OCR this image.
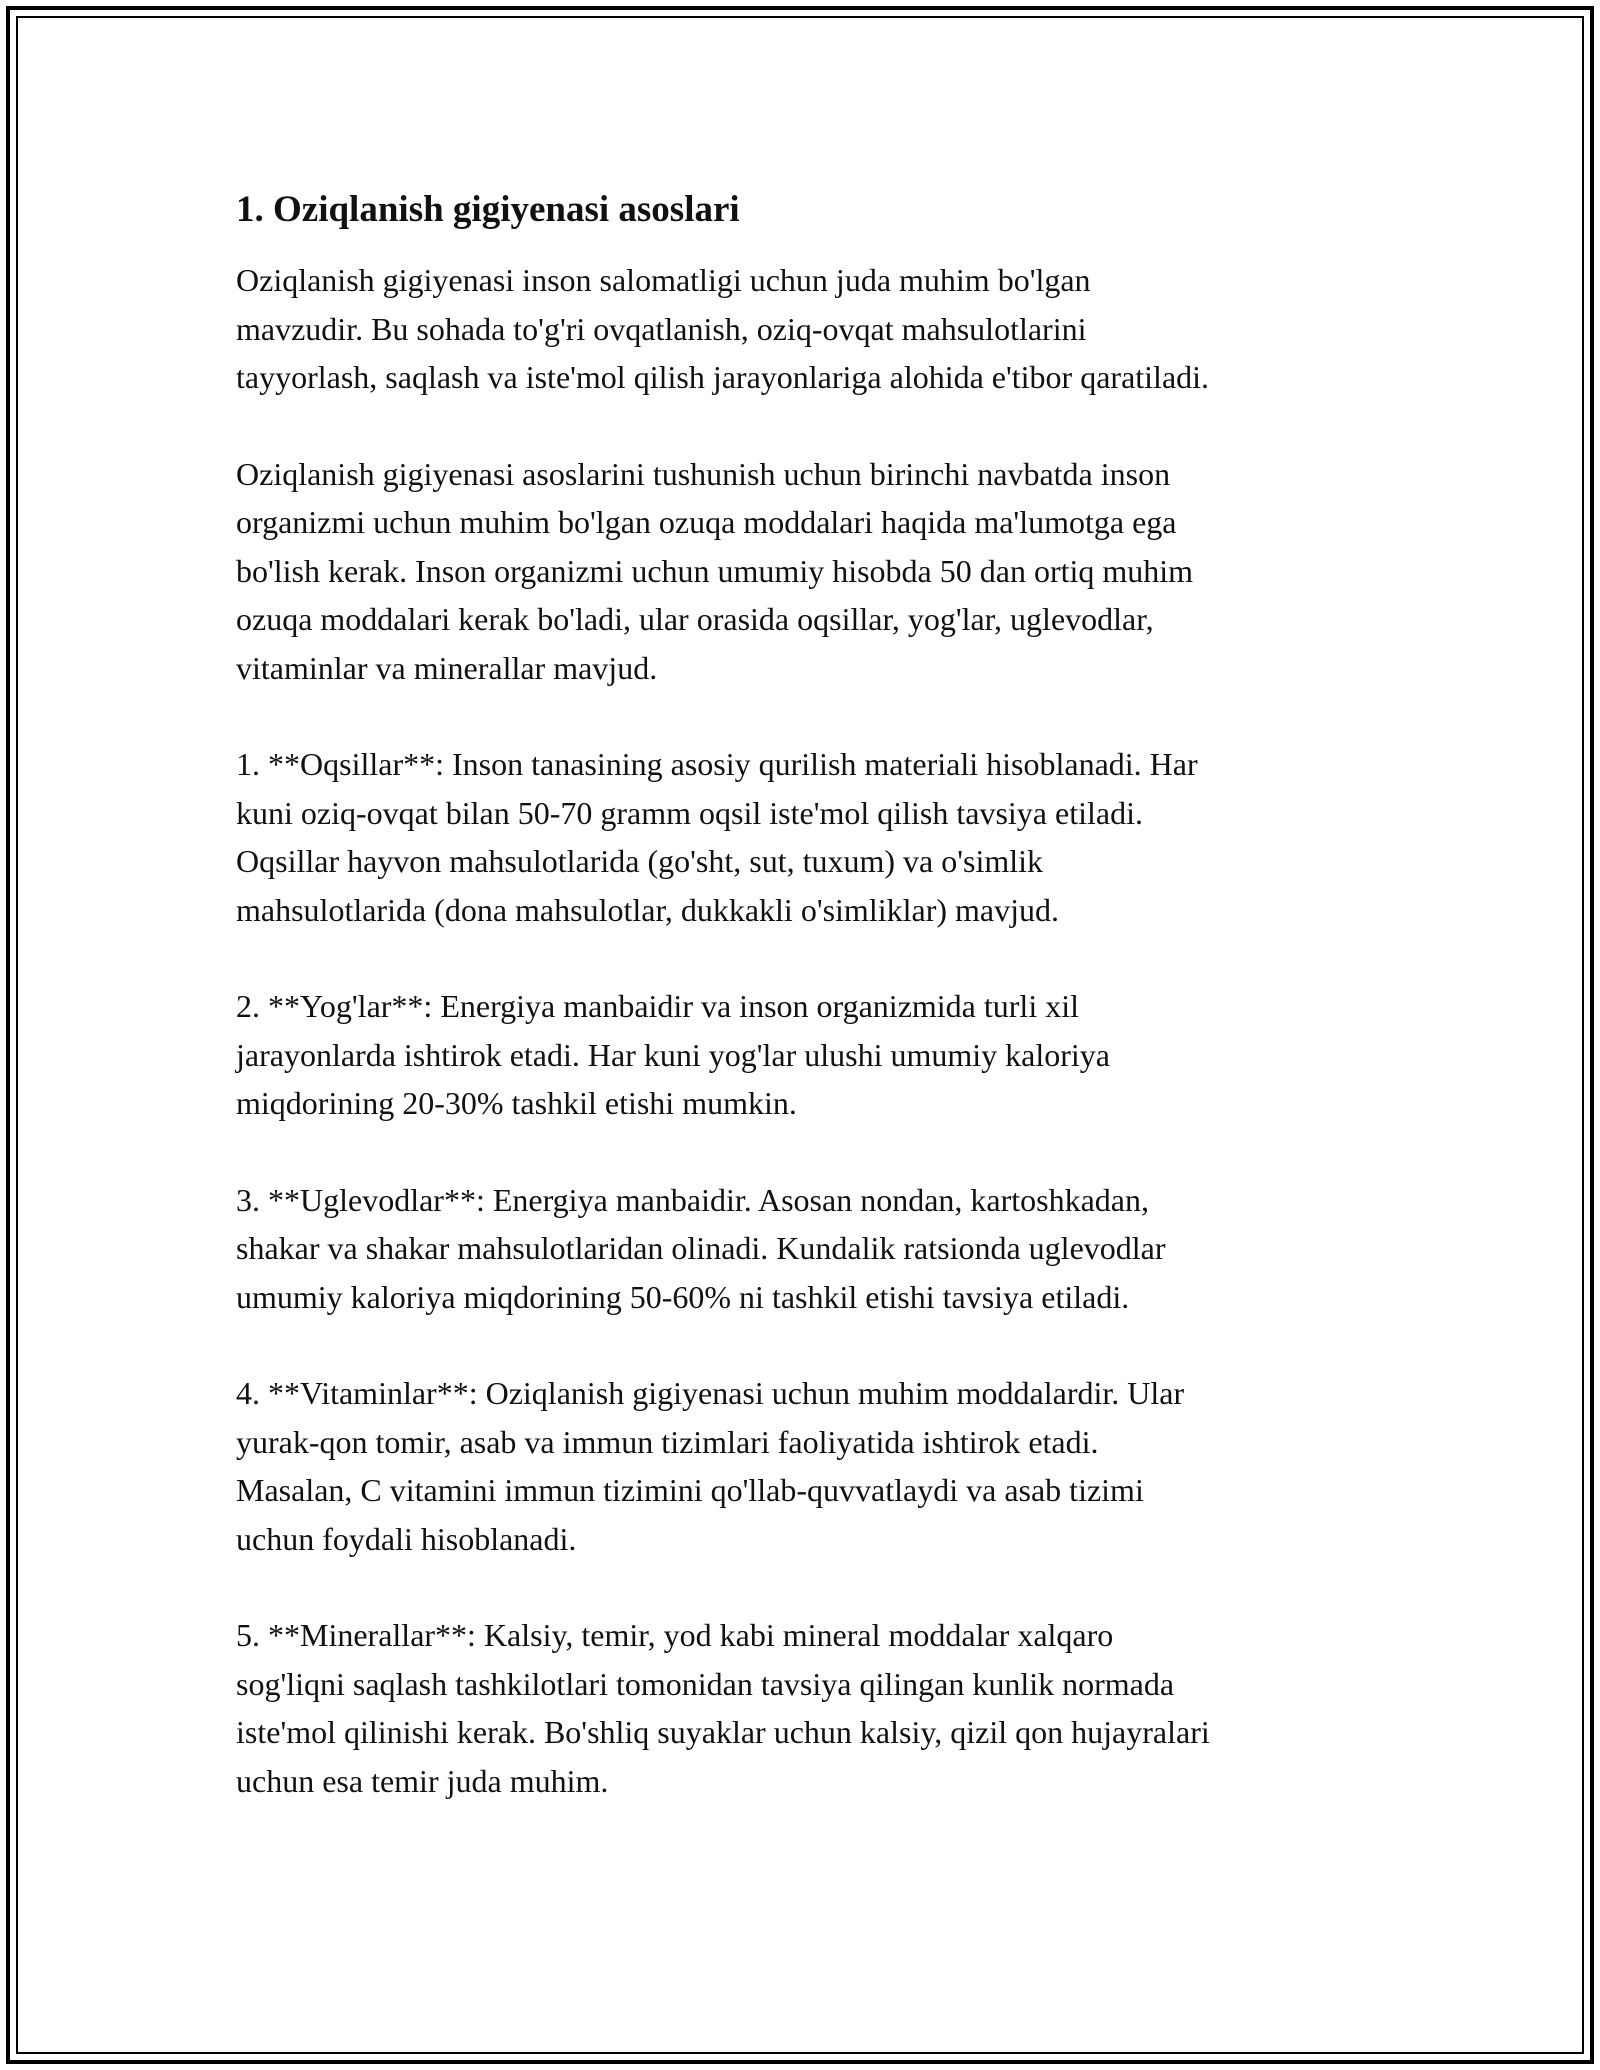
1. Oziqlanish gigiyenasi asoslari

Oziqlanish gigiyenasi inson salomatligi uchun juda muhim bo'lgan
mavzudir. Bu sohada to'g'ri ovqatlanish, oziq-ovqat mahsulotlarini
tayyorlash, saqlash va iste'mol qilish jarayonlariga alohida e'tibor qaratiladi.

Oziqlanish gigiyenasi asoslarini tushunish uchun birinchi navbatda inson
organizmi uchun muhim bo'lgan ozuqa moddalari haqida ma'lumotga ega
bo'lish kerak. Inson organizmi uchun umumiy hisobda 50 dan ortiq muhim
ozuqa moddalari kerak bo'ladi, ular orasida oqsillar, yog'lar, uglevodlar,
vitaminlar va minerallar mavjud.

1. **Oqsillar**: Inson tanasining asosiy qurilish materiali hisoblanadi. Har
kuni oziq-ovqat bilan 50-70 gramm oqsil iste'mol qilish tavsiya etiladi.
Oqsillar hayvon mahsulotlarida (go'sht, sut, tuxum) va o'simlik
mahsulotlarida (dona mahsulotlar, dukkakli o'simliklar) mavjud.

2. **Yog'lar**: Energiya manbaidir va inson organizmida turli xil
jarayonlarda ishtirok etadi. Har kuni yog'lar ulushi umumiy kaloriya
miqdorining 20-30% tashkil etishi mumkin.

3. **Uglevodlar**: Energiya manbaidir. Asosan nondan, kartoshkadan,
shakar va shakar mahsulotlaridan olinadi. Kundalik ratsionda uglevodlar
umumiy kaloriya miqdorining 50-60% ni tashkil etishi tavsiya etiladi.

4. **Vitaminlar**: Oziqlanish gigiyenasi uchun muhim moddalardir. Ular
yurak-qon tomir, asab va immun tizimlari faoliyatida ishtirok etadi.
Masalan, C vitamini immun tizimini qo'llab-quvvatlaydi va asab tizimi
uchun foydali hisoblanadi.

5. **Minerallar**: Kalsiy, temir, yod kabi mineral moddalar xalqaro
sog'liqni saqlash tashkilotlari tomonidan tavsiya qilingan kunlik normada
iste'mol qilinishi kerak. Bo'shliq suyaklar uchun kalsiy, qizil qon hujayralari
uchun esa temir juda muhim.
